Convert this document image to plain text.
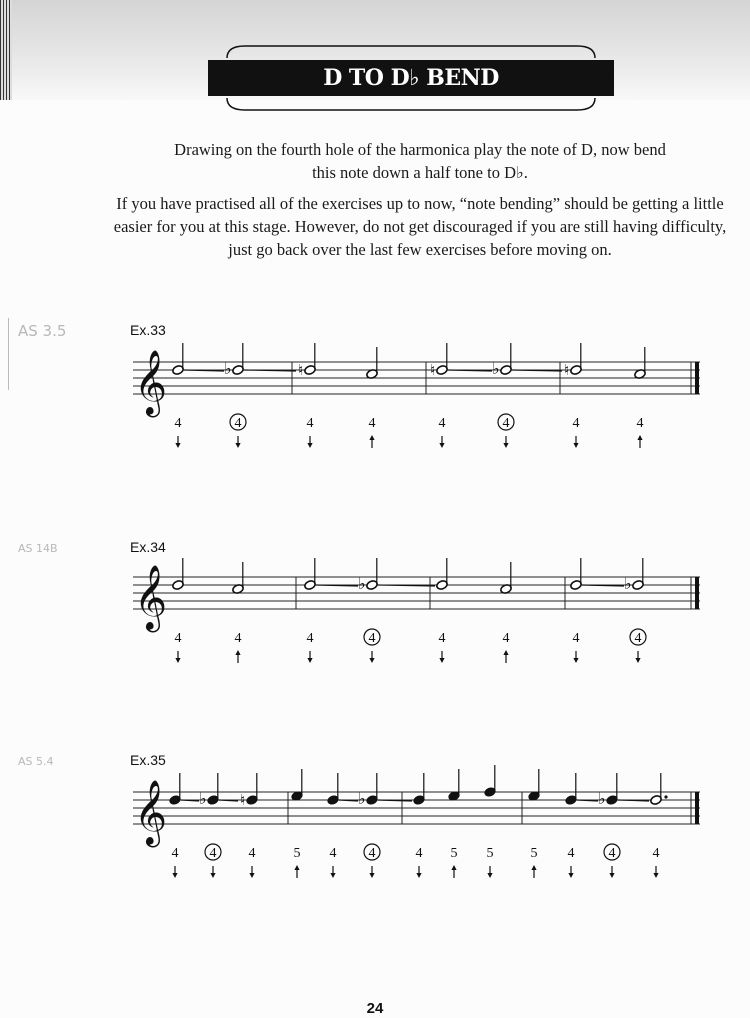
D TO D♭ BEND

Drawing on the fourth hole of the harmonica play the note of D, now bend this note down a half tone to D♭.

If you have practised all of the exercises up to now, “note bending” should be getting a little easier for you at this stage. However, do not get discouraged if you are still having difficulty, just go back over the last few exercises before moving on.

AS 3.5
AS 14B
AS 5.4
Ex.33
Ex.34
Ex.35
𝄞
4
♭
4
♮
4	4
♮
4
♭
4
♮
4	4
𝄞
4	4	4
♭
4	4	4	4
♭
4
𝄞
4
♭
4
♮
4	5 4
♭
4	4 5 5	5 4
♭
4	4
24
